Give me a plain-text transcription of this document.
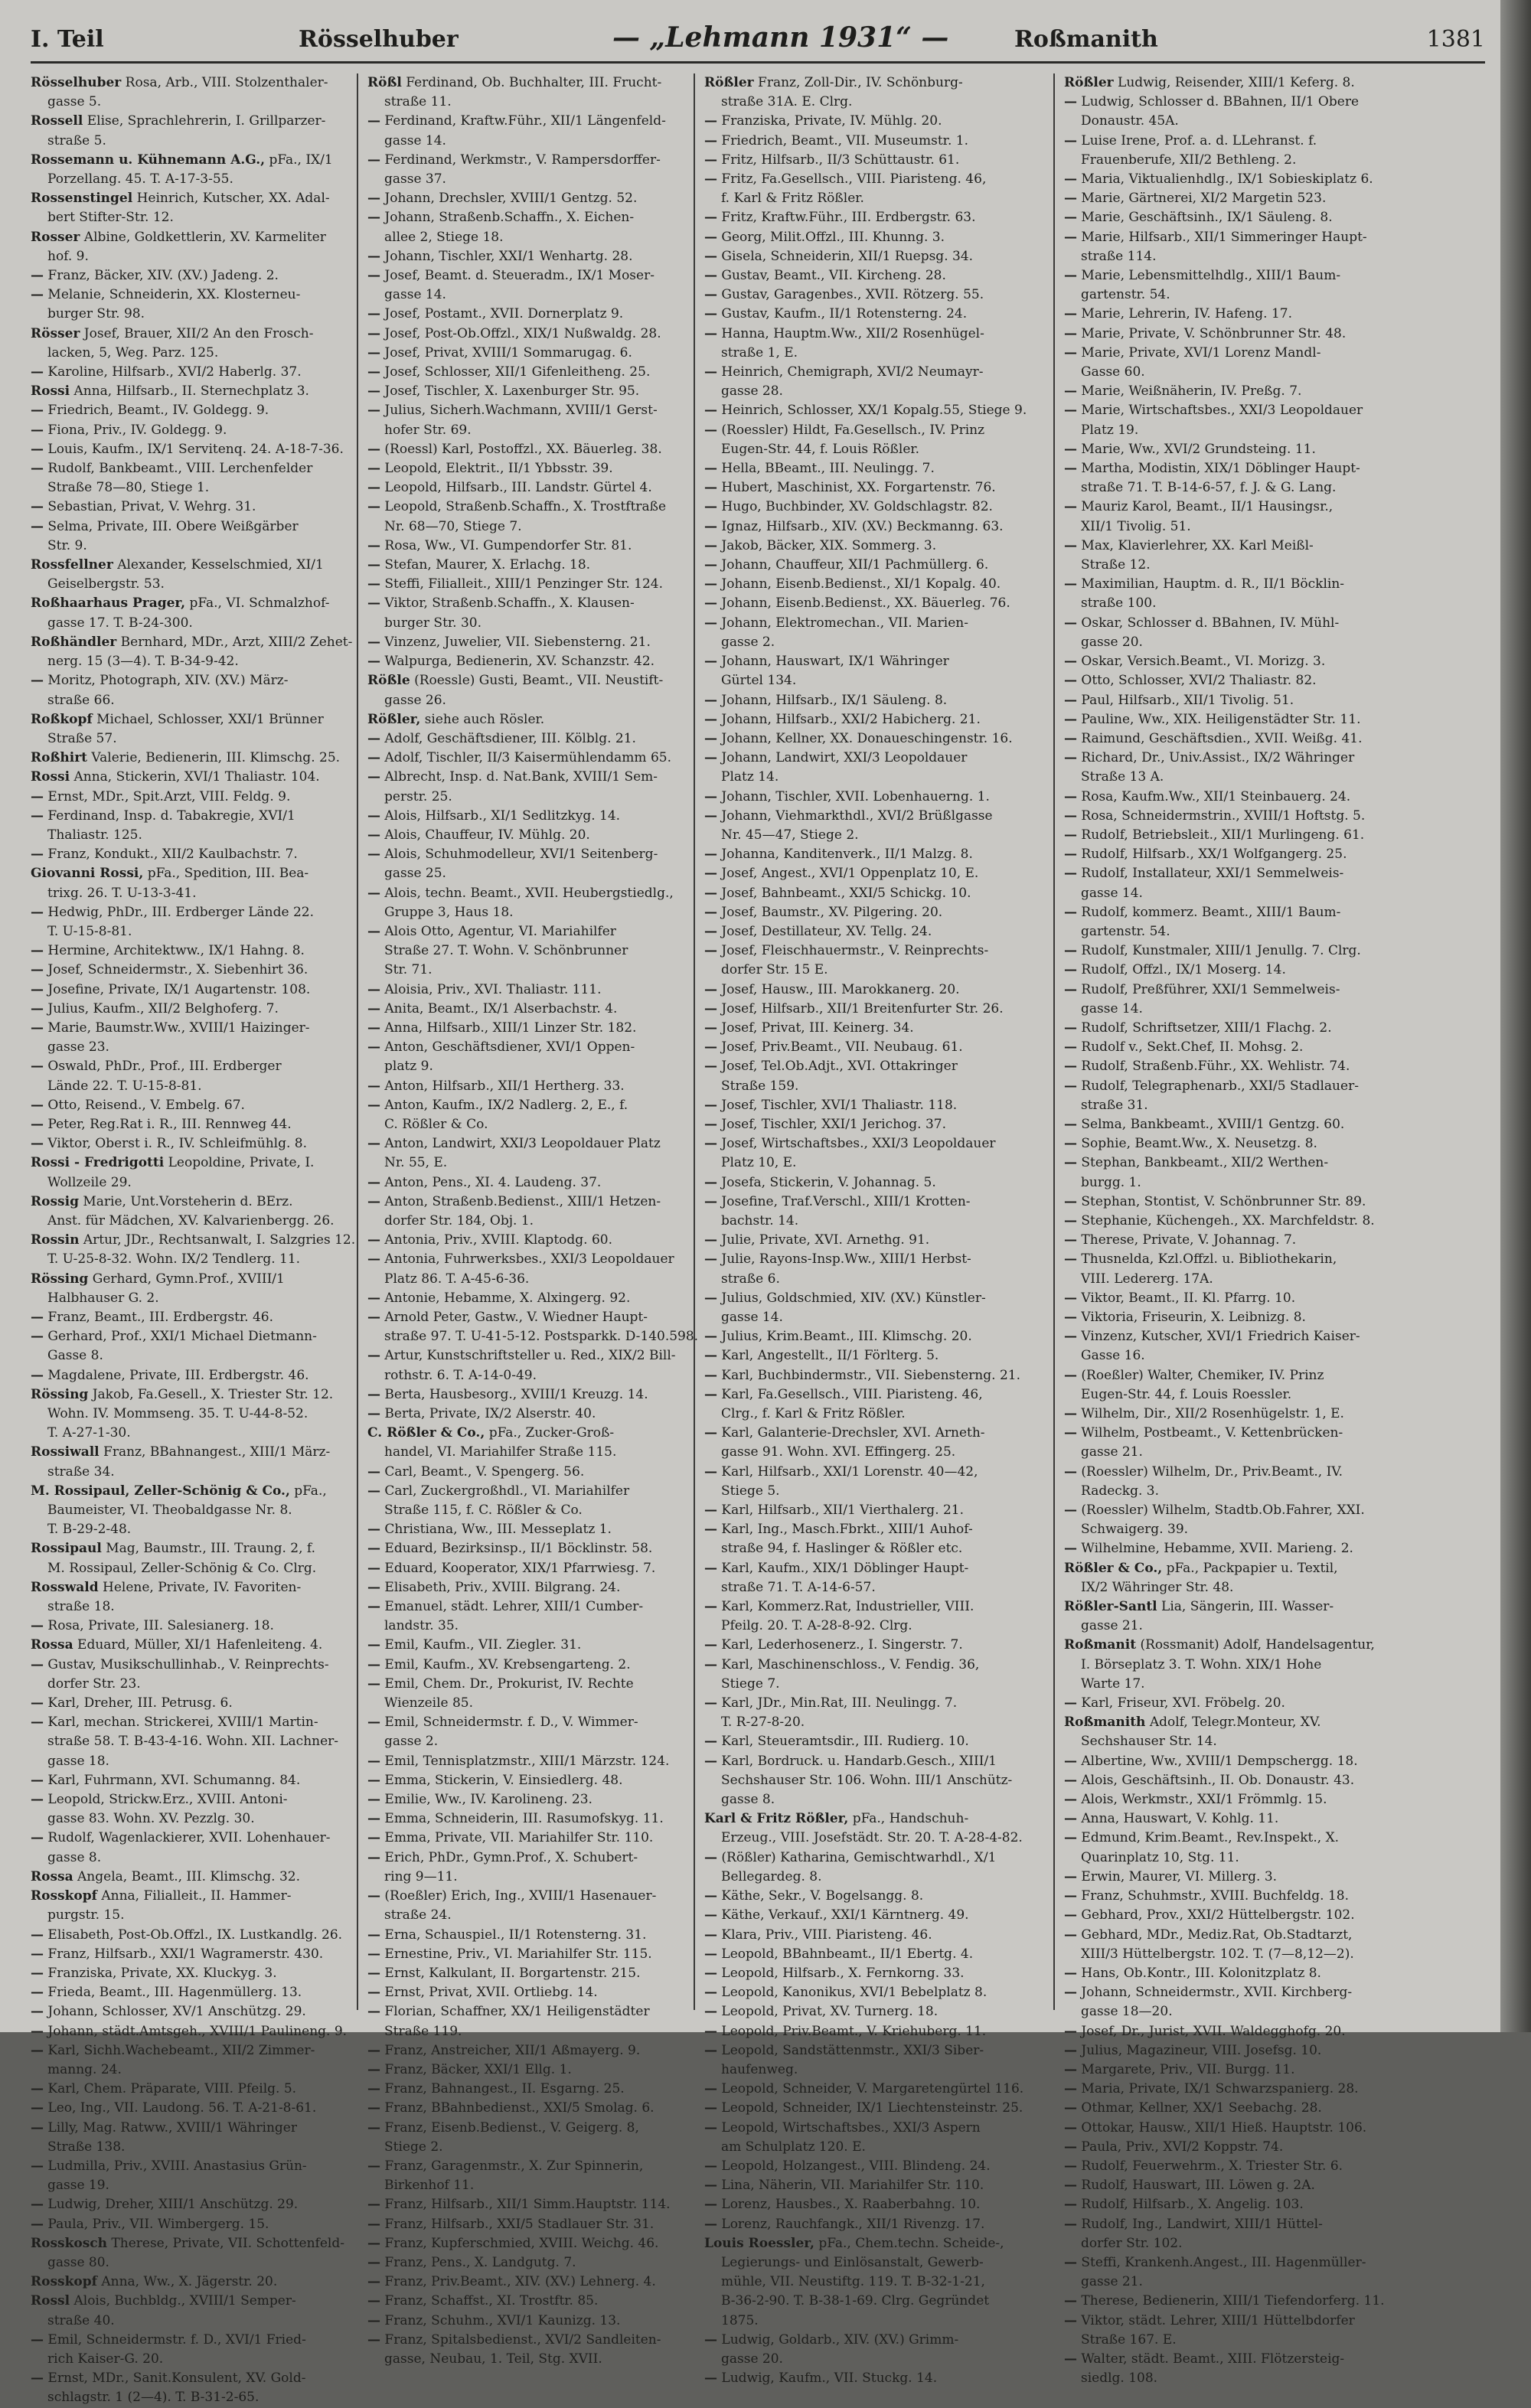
I. Teil	Rösselhuber	— „Lehmann 1931“ —	Roßmanith	1381

Rösselhuber Rosa, Arb., VIII. Stolzenthaler-

gasse 5.

Rossell Elise, Sprachlehrerin, I. Grillparzer-

straße 5.

Rossemann u. Kühnemann A.G., pFa., IX/1

Porzellang. 45. T. A-17-3-55.

Rossenstingel Heinrich, Kutscher, XX. Adal-

bert Stifter-Str. 12.

Rosser Albine, Goldkettlerin, XV. Karmeliter

hof. 9.

— Franz, Bäcker, XIV. (XV.) Jadeng. 2.

— Melanie, Schneiderin, XX. Klosterneu-

burger Str. 98.

Rösser Josef, Brauer, XII/2 An den Frosch-

lacken, 5, Weg. Parz. 125.

— Karoline, Hilfsarb., XVI/2 Haberlg. 37.

Rossi Anna, Hilfsarb., II. Sternechplatz 3.

— Friedrich, Beamt., IV. Goldegg. 9.

— Fiona, Priv., IV. Goldegg. 9.

— Louis, Kaufm., IX/1 Servitenq. 24. A-18-7-36.

— Rudolf, Bankbeamt., VIII. Lerchenfelder

Straße 78—80, Stiege 1.

— Sebastian, Privat, V. Wehrg. 31.

— Selma, Private, III. Obere Weißgärber

Str. 9.

Rossfellner Alexander, Kesselschmied, XI/1

Geiselbergstr. 53.

Roßhaarhaus Prager, pFa., VI. Schmalzhof-

gasse 17. T. B-24-300.

Roßhändler Bernhard, MDr., Arzt, XIII/2 Zehet-

nerg. 15 (3—4). T. B-34-9-42.

— Moritz, Photograph, XIV. (XV.) März-

straße 66.

Roßkopf Michael, Schlosser, XXI/1 Brünner

Straße 57.

Roßhirt Valerie, Bedienerin, III. Klimschg. 25.

Rossi Anna, Stickerin, XVI/1 Thaliastr. 104.

— Ernst, MDr., Spit.Arzt, VIII. Feldg. 9.

— Ferdinand, Insp. d. Tabakregie, XVI/1

Thaliastr. 125.

— Franz, Kondukt., XII/2 Kaulbachstr. 7.

Giovanni Rossi, pFa., Spedition, III. Bea-

trixg. 26. T. U-13-3-41.

— Hedwig, PhDr., III. Erdberger Lände 22.

T. U-15-8-81.

— Hermine, Architektww., IX/1 Hahng. 8.

— Josef, Schneidermstr., X. Siebenhirt 36.

— Josefine, Private, IX/1 Augartenstr. 108.

— Julius, Kaufm., XII/2 Belghoferg. 7.

— Marie, Baumstr.Ww., XVIII/1 Haizinger-

gasse 23.

— Oswald, PhDr., Prof., III. Erdberger

Lände 22. T. U-15-8-81.

— Otto, Reisend., V. Embelg. 67.

— Peter, Reg.Rat i. R., III. Rennweg 44.

— Viktor, Oberst i. R., IV. Schleifmühlg. 8.

Rossi - Fredrigotti Leopoldine, Private, I.

Wollzeile 29.

Rossig Marie, Unt.Vorsteherin d. BErz.

Anst. für Mädchen, XV. Kalvarienbergg. 26.

Rossin Artur, JDr., Rechtsanwalt, I. Salzgries 12.

T. U-25-8-32. Wohn. IX/2 Tendlerg. 11.

Rössing Gerhard, Gymn.Prof., XVIII/1

Halbhauser G. 2.

— Franz, Beamt., III. Erdbergstr. 46.

— Gerhard, Prof., XXI/1 Michael Dietmann-

Gasse 8.

— Magdalene, Private, III. Erdbergstr. 46.

Rössing Jakob, Fa.Gesell., X. Triester Str. 12.

Wohn. IV. Mommseng. 35. T. U-44-8-52.

T. A-27-1-30.

Rossiwall Franz, BBahnangest., XIII/1 März-

straße 34.

M. Rossipaul, Zeller-Schönig & Co., pFa.,

Baumeister, VI. Theobaldgasse Nr. 8.

T. B-29-2-48.

Rossipaul Mag, Baumstr., III. Traung. 2, f.

M. Rossipaul, Zeller-Schönig & Co. Clrg.

Rosswald Helene, Private, IV. Favoriten-

straße 18.

— Rosa, Private, III. Salesianerg. 18.

Rossa Eduard, Müller, XI/1 Hafenleiteng. 4.

— Gustav, Musikschullinhab., V. Reinprechts-

dorfer Str. 23.

— Karl, Dreher, III. Petrusg. 6.

— Karl, mechan. Strickerei, XVIII/1 Martin-

straße 58. T. B-43-4-16. Wohn. XII. Lachner-

gasse 18.

— Karl, Fuhrmann, XVI. Schumanng. 84.

— Leopold, Strickw.Erz., XVIII. Antoni-

gasse 83. Wohn. XV. Pezzlg. 30.

— Rudolf, Wagenlackierer, XVII. Lohenhauer-

gasse 8.

Rossa Angela, Beamt., III. Klimschg. 32.

Rosskopf Anna, Filialleit., II. Hammer-

purgstr. 15.

— Elisabeth, Post-Ob.Offzl., IX. Lustkandlg. 26.

— Franz, Hilfsarb., XXI/1 Wagramerstr. 430.

— Franziska, Private, XX. Kluckyg. 3.

— Frieda, Beamt., III. Hagenmüllerg. 13.

— Johann, Schlosser, XV/1 Anschützg. 29.

— Johann, städt.Amtsgeh., XVIII/1 Paulineng. 9.

— Karl, Sichh.Wachebeamt., XII/2 Zimmer-

manng. 24.

— Karl, Chem. Präparate, VIII. Pfeilg. 5.

— Leo, Ing., VII. Laudong. 56. T. A-21-8-61.

— Lilly, Mag. Ratww., XVIII/1 Währinger

Straße 138.

— Ludmilla, Priv., XVIII. Anastasius Grün-

gasse 19.

— Ludwig, Dreher, XIII/1 Anschützg. 29.

— Paula, Priv., VII. Wimbergerg. 15.

Rosskosch Therese, Private, VII. Schottenfeld-

gasse 80.

Rosskopf Anna, Ww., X. Jägerstr. 20.

Rossl Alois, Buchbldg., XVIII/1 Semper-

straße 40.

— Emil, Schneidermstr. f. D., XVI/1 Fried-

rich Kaiser-G. 20.

— Ernst, MDr., Sanit.Konsulent, XV. Gold-

schlagstr. 1 (2—4). T. B-31-2-65.

Rößl Ferdinand, Ob. Buchhalter, III. Frucht-

straße 11.

— Ferdinand, Kraftw.Führ., XII/1 Längenfeld-

gasse 14.

— Ferdinand, Werkmstr., V. Rampersdorffer-

gasse 37.

— Johann, Drechsler, XVIII/1 Gentzg. 52.

— Johann, Straßenb.Schaffn., X. Eichen-

allee 2, Stiege 18.

— Johann, Tischler, XXI/1 Wenhartg. 28.

— Josef, Beamt. d. Steueradm., IX/1 Moser-

gasse 14.

— Josef, Postamt., XVII. Dornerplatz 9.

— Josef, Post-Ob.Offzl., XIX/1 Nußwaldg. 28.

— Josef, Privat, XVIII/1 Sommarugag. 6.

— Josef, Schlosser, XII/1 Gifenleitheng. 25.

— Josef, Tischler, X. Laxenburger Str. 95.

— Julius, Sicherh.Wachmann, XVIII/1 Gerst-

hofer Str. 69.

— (Roessl) Karl, Postoffzl., XX. Bäuerleg. 38.

— Leopold, Elektrit., II/1 Ybbsstr. 39.

— Leopold, Hilfsarb., III. Landstr. Gürtel 4.

— Leopold, Straßenb.Schaffn., X. Trostftraße

Nr. 68—70, Stiege 7.

— Rosa, Ww., VI. Gumpendorfer Str. 81.

— Stefan, Maurer, X. Erlachg. 18.

— Steffi, Filialleit., XIII/1 Penzinger Str. 124.

— Viktor, Straßenb.Schaffn., X. Klausen-

burger Str. 30.

— Vinzenz, Juwelier, VII. Siebensterng. 21.

— Walpurga, Bedienerin, XV. Schanzstr. 42.

Rößle (Roessle) Gusti, Beamt., VII. Neustift-

gasse 26.

Rößler, siehe auch Rösler.

— Adolf, Geschäftsdiener, III. Kölblg. 21.

— Adolf, Tischler, II/3 Kaisermühlendamm 65.

— Albrecht, Insp. d. Nat.Bank, XVIII/1 Sem-

perstr. 25.

— Alois, Hilfsarb., XI/1 Sedlitzkyg. 14.

— Alois, Chauffeur, IV. Mühlg. 20.

— Alois, Schuhmodelleur, XVI/1 Seitenberg-

gasse 25.

— Alois, techn. Beamt., XVII. Heubergstiedlg.,

Gruppe 3, Haus 18.

— Alois Otto, Agentur, VI. Mariahilfer

Straße 27. T. Wohn. V. Schönbrunner

Str. 71.

— Aloisia, Priv., XVI. Thaliastr. 111.

— Anita, Beamt., IX/1 Alserbachstr. 4.

— Anna, Hilfsarb., XIII/1 Linzer Str. 182.

— Anton, Geschäftsdiener, XVI/1 Oppen-

platz 9.

— Anton, Hilfsarb., XII/1 Hertherg. 33.

— Anton, Kaufm., IX/2 Nadlerg. 2, E., f.

C. Rößler & Co.

— Anton, Landwirt, XXI/3 Leopoldauer Platz

Nr. 55, E.

— Anton, Pens., XI. 4. Laudeng. 37.

— Anton, Straßenb.Bedienst., XIII/1 Hetzen-

dorfer Str. 184, Obj. 1.

— Antonia, Priv., XVIII. Klaptodg. 60.

— Antonia, Fuhrwerksbes., XXI/3 Leopoldauer

Platz 86. T. A-45-6-36.

— Antonie, Hebamme, X. Alxingerg. 92.

— Arnold Peter, Gastw., V. Wiedner Haupt-

straße 97. T. U-41-5-12. Postsparkk. D-140.598.

— Artur, Kunstschriftsteller u. Red., XIX/2 Bill-

rothstr. 6. T. A-14-0-49.

— Berta, Hausbesorg., XVIII/1 Kreuzg. 14.

— Berta, Private, IX/2 Alserstr. 40.

C. Rößler & Co., pFa., Zucker-Groß-

handel, VI. Mariahilfer Straße 115.

— Carl, Beamt., V. Spengerg. 56.

— Carl, Zuckergroßhdl., VI. Mariahilfer

Straße 115, f. C. Rößler & Co.

— Christiana, Ww., III. Messeplatz 1.

— Eduard, Bezirksinsp., II/1 Böcklinstr. 58.

— Eduard, Kooperator, XIX/1 Pfarrwiesg. 7.

— Elisabeth, Priv., XVIII. Bilgrang. 24.

— Emanuel, städt. Lehrer, XIII/1 Cumber-

landstr. 35.

— Emil, Kaufm., VII. Ziegler. 31.

— Emil, Kaufm., XV. Krebsengarteng. 2.

— Emil, Chem. Dr., Prokurist, IV. Rechte

Wienzeile 85.

— Emil, Schneidermstr. f. D., V. Wimmer-

gasse 2.

— Emil, Tennisplatzmstr., XIII/1 Märzstr. 124.

— Emma, Stickerin, V. Einsiedlerg. 48.

— Emilie, Ww., IV. Karolineng. 23.

— Emma, Schneiderin, III. Rasumofskyg. 11.

— Emma, Private, VII. Mariahilfer Str. 110.

— Erich, PhDr., Gymn.Prof., X. Schubert-

ring 9—11.

— (Roeßler) Erich, Ing., XVIII/1 Hasenauer-

straße 24.

— Erna, Schauspiel., II/1 Rotensterng. 31.

— Ernestine, Priv., VI. Mariahilfer Str. 115.

— Ernst, Kalkulant, II. Borgartenstr. 215.

— Ernst, Privat, XVII. Ortliebg. 14.

— Florian, Schaffner, XX/1 Heiligenstädter

Straße 119.

— Franz, Anstreicher, XII/1 Aßmayerg. 9.

— Franz, Bäcker, XXI/1 Ellg. 1.

— Franz, Bahnangest., II. Esgarng. 25.

— Franz, BBahnbedienst., XXI/5 Smolag. 6.

— Franz, Eisenb.Bedienst., V. Geigerg. 8,

Stiege 2.

— Franz, Garagenmstr., X. Zur Spinnerin,

Birkenhof 11.

— Franz, Hilfsarb., XII/1 Simm.Hauptstr. 114.

— Franz, Hilfsarb., XXI/5 Stadlauer Str. 31.

— Franz, Kupferschmied, XVIII. Weichg. 46.

— Franz, Pens., X. Landgutg. 7.

— Franz, Priv.Beamt., XIV. (XV.) Lehnerg. 4.

— Franz, Schaffst., XI. Trostftr. 85.

— Franz, Schuhm., XVI/1 Kaunizg. 13.

— Franz, Spitalsbedienst., XVI/2 Sandleiten-

gasse, Neubau, 1. Teil, Stg. XVII.

Rößler Franz, Zoll-Dir., IV. Schönburg-

straße 31A. E. Clrg.

— Franziska, Private, IV. Mühlg. 20.

— Friedrich, Beamt., VII. Museumstr. 1.

— Fritz, Hilfsarb., II/3 Schüttaustr. 61.

— Fritz, Fa.Gesellsch., VIII. Piaristeng. 46,

f. Karl & Fritz Rößler.

— Fritz, Kraftw.Führ., III. Erdbergstr. 63.

— Georg, Milit.Offzl., III. Khunng. 3.

— Gisela, Schneiderin, XII/1 Ruepsg. 34.

— Gustav, Beamt., VII. Kircheng. 28.

— Gustav, Garagenbes., XVII. Rötzerg. 55.

— Gustav, Kaufm., II/1 Rotensterng. 24.

— Hanna, Hauptm.Ww., XII/2 Rosenhügel-

straße 1, E.

— Heinrich, Chemigraph, XVI/2 Neumayr-

gasse 28.

— Heinrich, Schlosser, XX/1 Kopalg.55, Stiege 9.

— (Roessler) Hildt, Fa.Gesellsch., IV. Prinz

Eugen-Str. 44, f. Louis Rößler.

— Hella, BBeamt., III. Neulingg. 7.

— Hubert, Maschinist, XX. Forgartenstr. 76.

— Hugo, Buchbinder, XV. Goldschlagstr. 82.

— Ignaz, Hilfsarb., XIV. (XV.) Beckmanng. 63.

— Jakob, Bäcker, XIX. Sommerg. 3.

— Johann, Chauffeur, XII/1 Pachmüllerg. 6.

— Johann, Eisenb.Bedienst., XI/1 Kopalg. 40.

— Johann, Eisenb.Bedienst., XX. Bäuerleg. 76.

— Johann, Elektromechan., VII. Marien-

gasse 2.

— Johann, Hauswart, IX/1 Währinger

Gürtel 134.

— Johann, Hilfsarb., IX/1 Säuleng. 8.

— Johann, Hilfsarb., XXI/2 Habicherg. 21.

— Johann, Kellner, XX. Donaueschingenstr. 16.

— Johann, Landwirt, XXI/3 Leopoldauer

Platz 14.

— Johann, Tischler, XVII. Lobenhauerng. 1.

— Johann, Viehmarkthdl., XVI/2 Brüßlgasse

Nr. 45—47, Stiege 2.

— Johanna, Kanditenverk., II/1 Malzg. 8.

— Josef, Angest., XVI/1 Oppenplatz 10, E.

— Josef, Bahnbeamt., XXI/5 Schickg. 10.

— Josef, Baumstr., XV. Pilgering. 20.

— Josef, Destillateur, XV. Tellg. 24.

— Josef, Fleischhauermstr., V. Reinprechts-

dorfer Str. 15 E.

— Josef, Hausw., III. Marokkanerg. 20.

— Josef, Hilfsarb., XII/1 Breitenfurter Str. 26.

— Josef, Privat, III. Keinerg. 34.

— Josef, Priv.Beamt., VII. Neubaug. 61.

— Josef, Tel.Ob.Adjt., XVI. Ottakringer

Straße 159.

— Josef, Tischler, XVI/1 Thaliastr. 118.

— Josef, Tischler, XXI/1 Jerichog. 37.

— Josef, Wirtschaftsbes., XXI/3 Leopoldauer

Platz 10, E.

— Josefa, Stickerin, V. Johannag. 5.

— Josefine, Traf.Verschl., XIII/1 Krotten-

bachstr. 14.

— Julie, Private, XVI. Arnethg. 91.

— Julie, Rayons-Insp.Ww., XIII/1 Herbst-

straße 6.

— Julius, Goldschmied, XIV. (XV.) Künstler-

gasse 14.

— Julius, Krim.Beamt., III. Klimschg. 20.

— Karl, Angestellt., II/1 Förlterg. 5.

— Karl, Buchbindermstr., VII. Siebensterng. 21.

— Karl, Fa.Gesellsch., VIII. Piaristeng. 46,

Clrg., f. Karl & Fritz Rößler.

— Karl, Galanterie-Drechsler, XVI. Arneth-

gasse 91. Wohn. XVI. Effingerg. 25.

— Karl, Hilfsarb., XXI/1 Lorenstr. 40—42,

Stiege 5.

— Karl, Hilfsarb., XII/1 Vierthalerg. 21.

— Karl, Ing., Masch.Fbrkt., XIII/1 Auhof-

straße 94, f. Haslinger & Rößler etc.

— Karl, Kaufm., XIX/1 Döblinger Haupt-

straße 71. T. A-14-6-57.

— Karl, Kommerz.Rat, Industrieller, VIII.

Pfeilg. 20. T. A-28-8-92. Clrg.

— Karl, Lederhosenerz., I. Singerstr. 7.

— Karl, Maschinenschloss., V. Fendig. 36,

Stiege 7.

— Karl, JDr., Min.Rat, III. Neulingg. 7.

T. R-27-8-20.

— Karl, Steueramtsdir., III. Rudierg. 10.

— Karl, Bordruck. u. Handarb.Gesch., XIII/1

Sechshauser Str. 106. Wohn. III/1 Anschütz-

gasse 8.

Karl & Fritz Rößler, pFa., Handschuh-

Erzeug., VIII. Josefstädt. Str. 20. T. A-28-4-82.

— (Rößler) Katharina, Gemischtwarhdl., X/1

Bellegardeg. 8.

— Käthe, Sekr., V. Bogelsangg. 8.

— Käthe, Verkauf., XXI/1 Kärntnerg. 49.

— Klara, Priv., VIII. Piaristeng. 46.

— Leopold, BBahnbeamt., II/1 Ebertg. 4.

— Leopold, Hilfsarb., X. Fernkorng. 33.

— Leopold, Kanonikus, XVI/1 Bebelplatz 8.

— Leopold, Privat, XV. Turnerg. 18.

— Leopold, Priv.Beamt., V. Kriehuberg. 11.

— Leopold, Sandstättenmstr., XXI/3 Siber-

haufenweg.

— Leopold, Schneider, V. Margaretengürtel 116.

— Leopold, Schneider, IX/1 Liechtensteinstr. 25.

— Leopold, Wirtschaftsbes., XXI/3 Aspern

am Schulplatz 120. E.

— Leopold, Holzangest., VIII. Blindeng. 24.

— Lina, Näherin, VII. Mariahilfer Str. 110.

— Lorenz, Hausbes., X. Raaberbahng. 10.

— Lorenz, Rauchfangk., XII/1 Rivenzg. 17.

Louis Roessler, pFa., Chem.techn. Scheide-,

Legierungs- und Einlösanstalt, Gewerb-

mühle, VII. Neustiftg. 119. T. B-32-1-21,

B-36-2-90. T. B-38-1-69. Clrg. Gegründet

1875.

— Ludwig, Goldarb., XIV. (XV.) Grimm-

gasse 20.

— Ludwig, Kaufm., VII. Stuckg. 14.

Rößler Ludwig, Reisender, XIII/1 Keferg. 8.

— Ludwig, Schlosser d. BBahnen, II/1 Obere

Donaustr. 45A.

— Luise Irene, Prof. a. d. LLehranst. f.

Frauenberufe, XII/2 Bethleng. 2.

— Maria, Viktualienhdlg., IX/1 Sobieskiplatz 6.

— Marie, Gärtnerei, XI/2 Margetin 523.

— Marie, Geschäftsinh., IX/1 Säuleng. 8.

— Marie, Hilfsarb., XII/1 Simmeringer Haupt-

straße 114.

— Marie, Lebensmittelhdlg., XIII/1 Baum-

gartenstr. 54.

— Marie, Lehrerin, IV. Hafeng. 17.

— Marie, Private, V. Schönbrunner Str. 48.

— Marie, Private, XVI/1 Lorenz Mandl-

Gasse 60.

— Marie, Weißnäherin, IV. Preßg. 7.

— Marie, Wirtschaftsbes., XXI/3 Leopoldauer

Platz 19.

— Marie, Ww., XVI/2 Grundsteing. 11.

— Martha, Modistin, XIX/1 Döblinger Haupt-

straße 71. T. B-14-6-57, f. J. & G. Lang.

— Mauriz Karol, Beamt., II/1 Hausingsr.,

XII/1 Tivolig. 51.

— Max, Klavierlehrer, XX. Karl Meißl-

Straße 12.

— Maximilian, Hauptm. d. R., II/1 Böcklin-

straße 100.

— Oskar, Schlosser d. BBahnen, IV. Mühl-

gasse 20.

— Oskar, Versich.Beamt., VI. Morizg. 3.

— Otto, Schlosser, XVI/2 Thaliastr. 82.

— Paul, Hilfsarb., XII/1 Tivolig. 51.

— Pauline, Ww., XIX. Heiligenstädter Str. 11.

— Raimund, Geschäftsdien., XVII. Weißg. 41.

— Richard, Dr., Univ.Assist., IX/2 Währinger

Straße 13 A.

— Rosa, Kaufm.Ww., XII/1 Steinbauerg. 24.

— Rosa, Schneidermstrin., XVIII/1 Hoftstg. 5.

— Rudolf, Betriebsleit., XII/1 Murlingeng. 61.

— Rudolf, Hilfsarb., XX/1 Wolfgangerg. 25.

— Rudolf, Installateur, XXI/1 Semmelweis-

gasse 14.

— Rudolf, kommerz. Beamt., XIII/1 Baum-

gartenstr. 54.

— Rudolf, Kunstmaler, XIII/1 Jenullg. 7. Clrg.

— Rudolf, Offzl., IX/1 Moserg. 14.

— Rudolf, Preßführer, XXI/1 Semmelweis-

gasse 14.

— Rudolf, Schriftsetzer, XIII/1 Flachg. 2.

— Rudolf v., Sekt.Chef, II. Mohsg. 2.

— Rudolf, Straßenb.Führ., XX. Wehlistr. 74.

— Rudolf, Telegraphenarb., XXI/5 Stadlauer-

straße 31.

— Selma, Bankbeamt., XVIII/1 Gentzg. 60.

— Sophie, Beamt.Ww., X. Neusetzg. 8.

— Stephan, Bankbeamt., XII/2 Werthen-

burgg. 1.

— Stephan, Stontist, V. Schönbrunner Str. 89.

— Stephanie, Küchengeh., XX. Marchfeldstr. 8.

— Therese, Private, V. Johannag. 7.

— Thusnelda, Kzl.Offzl. u. Bibliothekarin,

VIII. Ledererg. 17A.

— Viktor, Beamt., II. Kl. Pfarrg. 10.

— Viktoria, Friseurin, X. Leibnizg. 8.

— Vinzenz, Kutscher, XVI/1 Friedrich Kaiser-

Gasse 16.

— (Roeßler) Walter, Chemiker, IV. Prinz

Eugen-Str. 44, f. Louis Roessler.

— Wilhelm, Dir., XII/2 Rosenhügelstr. 1, E.

— Wilhelm, Postbeamt., V. Kettenbrücken-

gasse 21.

— (Roessler) Wilhelm, Dr., Priv.Beamt., IV.

Radeckg. 3.

— (Roessler) Wilhelm, Stadtb.Ob.Fahrer, XXI.

Schwaigerg. 39.

— Wilhelmine, Hebamme, XVII. Marieng. 2.

Rößler & Co., pFa., Packpapier u. Textil,

IX/2 Währinger Str. 48.

Rößler-Santl Lia, Sängerin, III. Wasser-

gasse 21.

Roßmanit (Rossmanit) Adolf, Handelsagentur,

I. Börseplatz 3. T. Wohn. XIX/1 Hohe

Warte 17.

— Karl, Friseur, XVI. Fröbelg. 20.

Roßmanith Adolf, Telegr.Monteur, XV.

Sechshauser Str. 14.

— Albertine, Ww., XVIII/1 Dempschergg. 18.

— Alois, Geschäftsinh., II. Ob. Donaustr. 43.

— Alois, Werkmstr., XXI/1 Frömmlg. 15.

— Anna, Hauswart, V. Kohlg. 11.

— Edmund, Krim.Beamt., Rev.Inspekt., X.

Quarinplatz 10, Stg. 11.

— Erwin, Maurer, VI. Millerg. 3.

— Franz, Schuhmstr., XVIII. Buchfeldg. 18.

— Gebhard, Prov., XXI/2 Hüttelbergstr. 102.

— Gebhard, MDr., Mediz.Rat, Ob.Stadtarzt,

XIII/3 Hüttelbergstr. 102. T. (7—8,12—2).

— Hans, Ob.Kontr., III. Kolonitzplatz 8.

— Johann, Schneidermstr., XVII. Kirchberg-

gasse 18—20.

— Josef, Dr., Jurist, XVII. Waldegghofg. 20.

— Julius, Magazineur, VIII. Josefsg. 10.

— Margarete, Priv., VII. Burgg. 11.

— Maria, Private, IX/1 Schwarzspanierg. 28.

— Othmar, Kellner, XX/1 Seebachg. 28.

— Ottokar, Hausw., XII/1 Hieß. Hauptstr. 106.

— Paula, Priv., XVI/2 Koppstr. 74.

— Rudolf, Feuerwehrm., X. Triester Str. 6.

— Rudolf, Hauswart, III. Löwen g. 2A.

— Rudolf, Hilfsarb., X. Angelig. 103.

— Rudolf, Ing., Landwirt, XIII/1 Hüttel-

dorfer Str. 102.

— Steffi, Krankenh.Angest., III. Hagenmüller-

gasse 21.

— Therese, Bedienerin, XIII/1 Tiefendorferg. 11.

— Viktor, städt. Lehrer, XIII/1 Hüttelbdorfer

Straße 167. E.

— Walter, städt. Beamt., XIII. Flötzersteig-

siedlg. 108.
